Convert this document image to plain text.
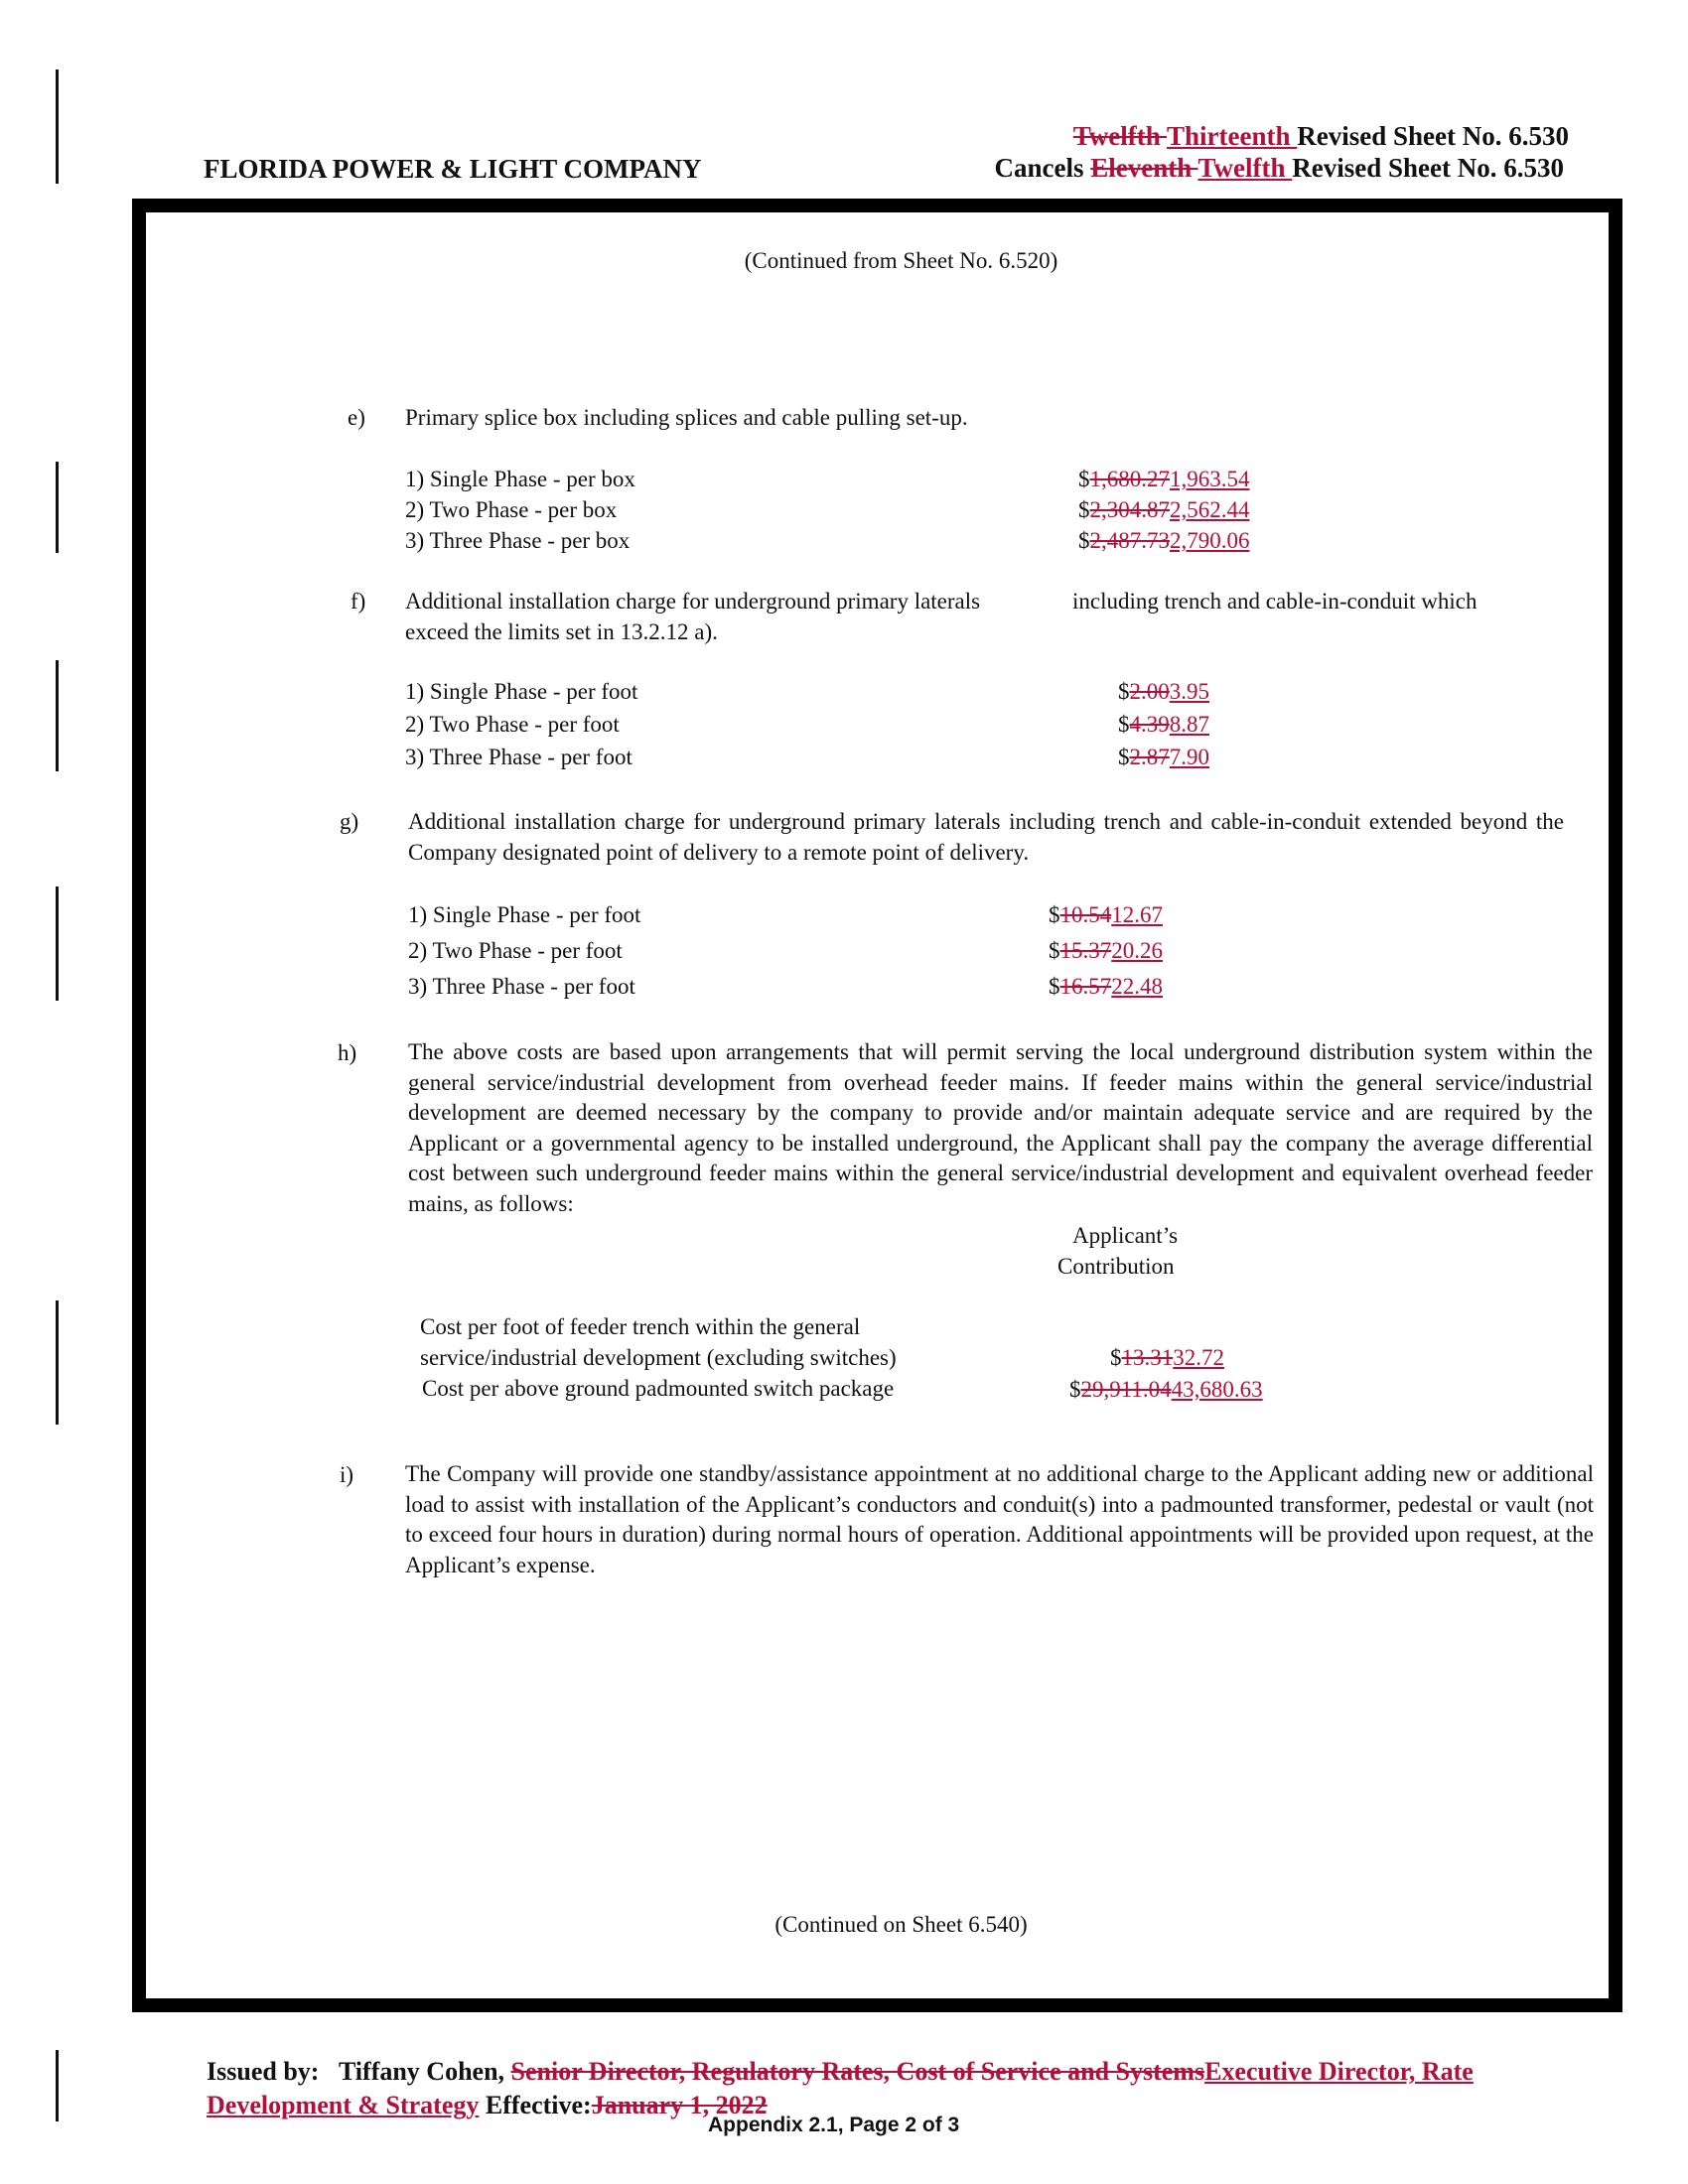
FLORIDA POWER & LIGHT COMPANY
Twelfth Thirteenth Revised Sheet No. 6.530
Cancels Eleventh Twelfth Revised Sheet No. 6.530
(Continued from Sheet No. 6.520)
e) Primary splice box including splices and cable pulling set-up.
1) Single Phase - per box	$1,680.271,963.54
2) Two Phase - per box	$2,304.872,562.44
3) Three Phase - per box	$2,487.732,790.06
f) Additional installation charge for underground primary laterals	including trench and cable-in-conduit which
exceed the limits set in 13.2.12 a).
1) Single Phase - per foot	$2.003.95
2) Two Phase - per foot	$4.398.87
3) Three Phase - per foot	$2.877.90
g) Additional installation charge for underground primary laterals including trench and cable-in-conduit extended beyond the Company designated point of delivery to a remote point of delivery.
1) Single Phase - per foot	$10.5412.67
2) Two Phase - per foot	$15.3720.26
3) Three Phase - per foot	$16.5722.48
h) The above costs are based upon arrangements that will permit serving the local underground distribution system within the general service/industrial development from overhead feeder mains. If feeder mains within the general service/industrial development are deemed necessary by the company to provide and/or maintain adequate service and are required by the Applicant or a governmental agency to be installed underground, the Applicant shall pay the company the average differential cost between such underground feeder mains within the general service/industrial development and equivalent overhead feeder mains, as follows:
Applicant’s
Contribution
Cost per foot of feeder trench within the general
service/industrial development (excluding switches)	$13.3132.72
Cost per above ground padmounted switch package	$29,911.0443,680.63
i) The Company will provide one standby/assistance appointment at no additional charge to the Applicant adding new or additional load to assist with installation of the Applicant’s conductors and conduit(s) into a padmounted transformer, pedestal or vault (not to exceed four hours in duration) during normal hours of operation. Additional appointments will be provided upon request, at the Applicant’s expense.
(Continued on Sheet 6.540)
Issued by: Tiffany Cohen, Senior Director, Regulatory Rates, Cost of Service and SystemsExecutive Director, Rate
Development & Strategy Effective:January 1, 2022
Appendix 2.1, Page 2 of 3
